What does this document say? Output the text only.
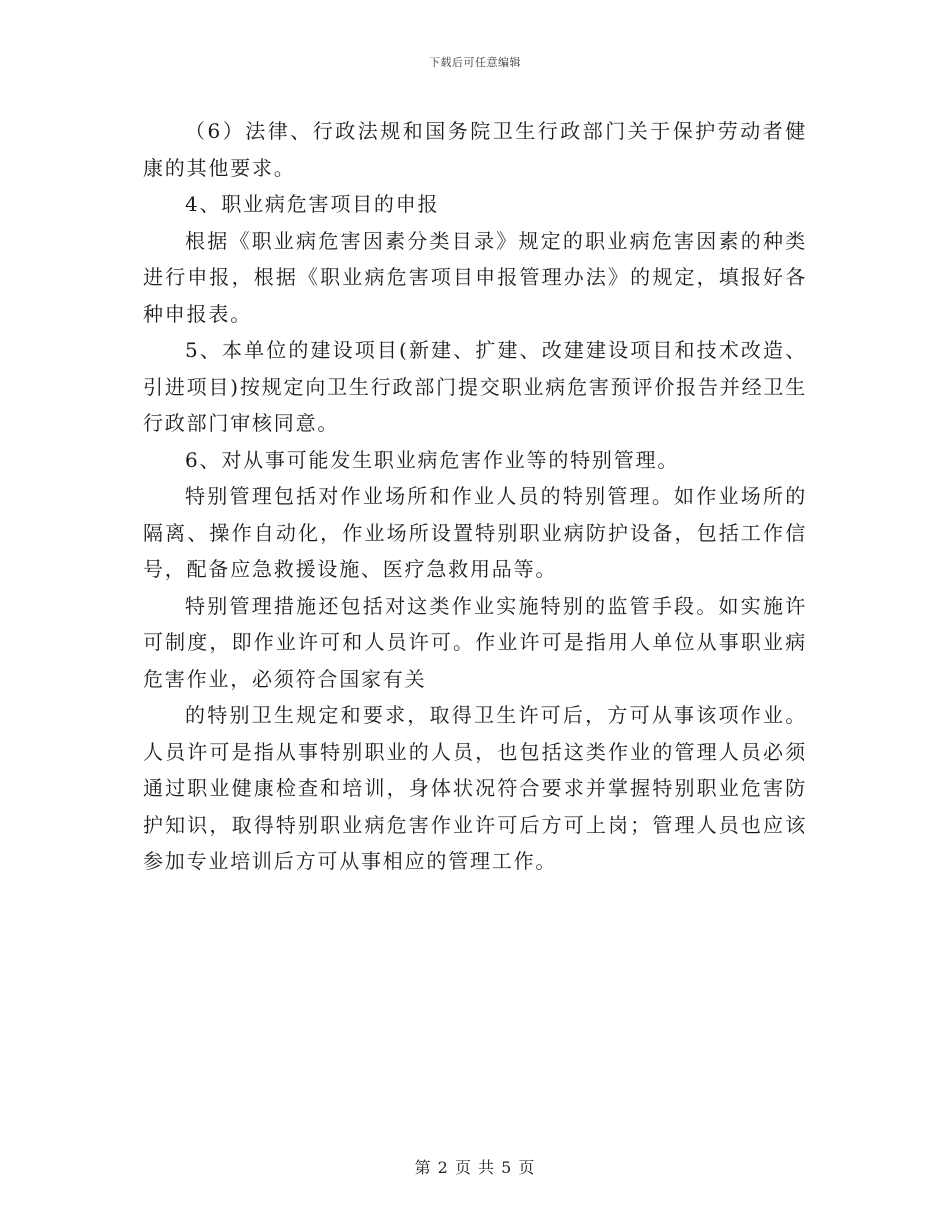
下载后可任意编辑

（6）法律、行政法规和国务院卫生行政部门关于保护劳动者健康的其他要求。

4、职业病危害项目的申报

根据《职业病危害因素分类目录》规定的职业病危害因素的种类进行申报，根据《职业病危害项目申报管理办法》的规定，填报好各种申报表。

5、本单位的建设项目(新建、扩建、改建建设项目和技术改造、引进项目)按规定向卫生行政部门提交职业病危害预评价报告并经卫生行政部门审核同意。

6、对从事可能发生职业病危害作业等的特别管理。

特别管理包括对作业场所和作业人员的特别管理。如作业场所的隔离、操作自动化，作业场所设置特别职业病防护设备，包括工作信号，配备应急救援设施、医疗急救用品等。

特别管理措施还包括对这类作业实施特别的监管手段。如实施许可制度，即作业许可和人员许可。作业许可是指用人单位从事职业病危害作业，必须符合国家有关

的特别卫生规定和要求，取得卫生许可后，方可从事该项作业。人员许可是指从事特别职业的人员，也包括这类作业的管理人员必须通过职业健康检查和培训，身体状况符合要求并掌握特别职业危害防护知识，取得特别职业病危害作业许可后方可上岗；管理人员也应该参加专业培训后方可从事相应的管理工作。

第 2 页 共 5 页
